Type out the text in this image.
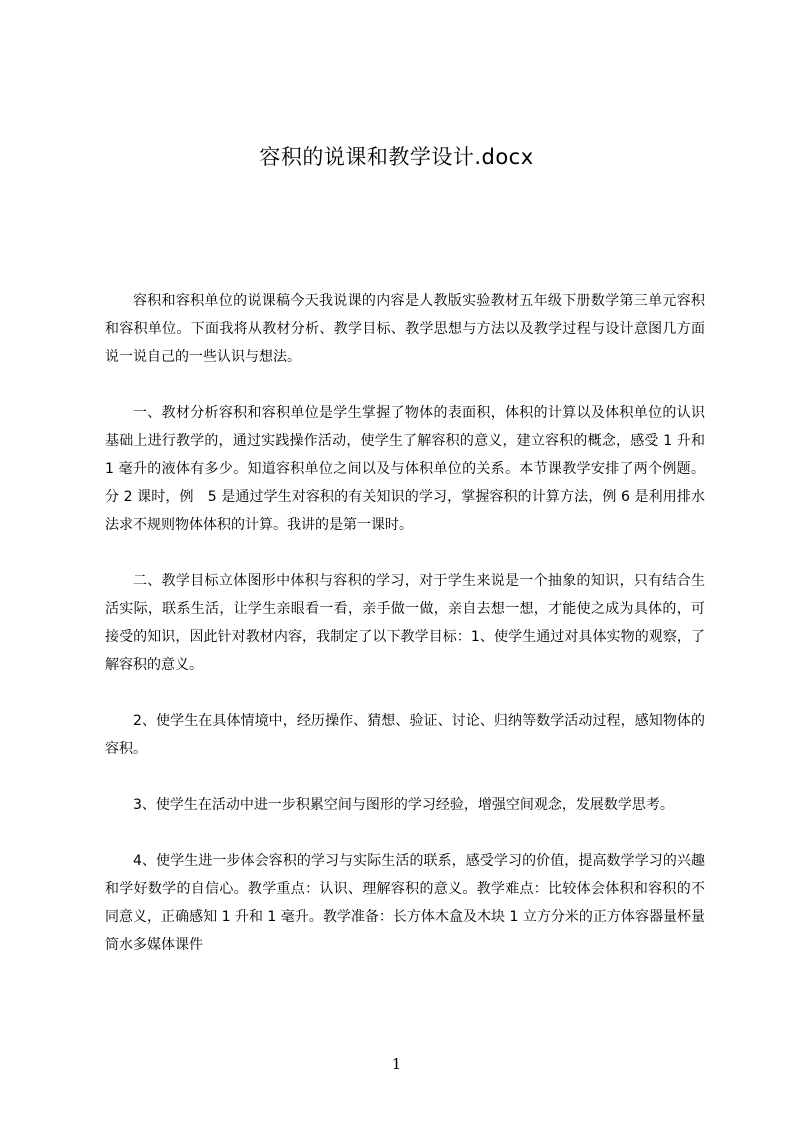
容积的说课和教学设计.docx

容积和容积单位的说课稿今天我说课的内容是人教版实验教材五年级下册数学第三单元容积和容积单位。下面我将从教材分析、教学目标、教学思想与方法以及教学过程与设计意图几方面说一说自己的一些认识与想法。

一、教材分析容积和容积单位是学生掌握了物体的表面积，体积的计算以及体积单位的认识基础上进行教学的，通过实践操作活动，使学生了解容积的意义，建立容积的概念，感受 1 升和 1 毫升的液体有多少。知道容积单位之间以及与体积单位的关系。本节课教学安排了两个例题。分 2 课时，例　5 是通过学生对容积的有关知识的学习，掌握容积的计算方法，例 6 是利用排水法求不规则物体体积的计算。我讲的是第一课时。

二、教学目标立体图形中体积与容积的学习，对于学生来说是一个抽象的知识，只有结合生活实际，联系生活，让学生亲眼看一看，亲手做一做，亲自去想一想，才能使之成为具体的，可接受的知识，因此针对教材内容，我制定了以下教学目标：1、使学生通过对具体实物的观察，了解容积的意义。

2、使学生在具体情境中，经历操作、猜想、验证、讨论、归纳等数学活动过程，感知物体的容积。

3、使学生在活动中进一步积累空间与图形的学习经验，增强空间观念，发展数学思考。

4、使学生进一步体会容积的学习与实际生活的联系，感受学习的价值，提高数学学习的兴趣和学好数学的自信心。教学重点：认识、理解容积的意义。教学难点：比较体会体积和容积的不同意义，正确感知 1 升和 1 毫升。教学准备：长方体木盒及木块 1 立方分米的正方体容器量杯量筒水多媒体课件

1
